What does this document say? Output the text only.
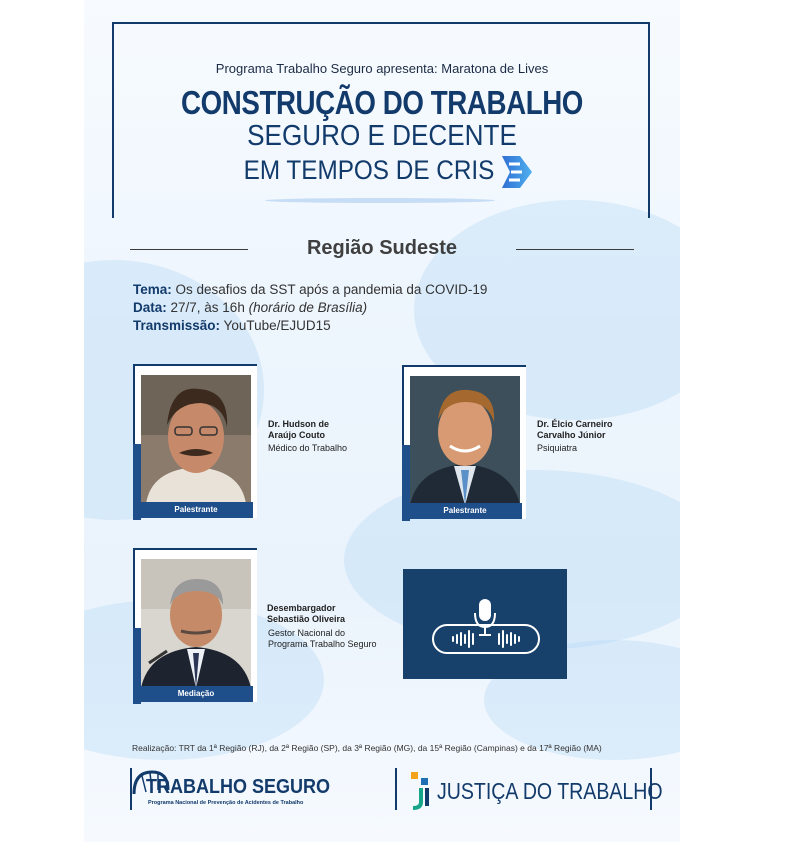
Programa Trabalho Seguro apresenta: Maratona de Lives
CONSTRUÇÃO DO TRABALHO
SEGURO E DECENTE
EM TEMPOS DE CRIS
Região Sudeste
Tema: Os desafios da SST após a pandemia da COVID-19
Data: 27/7, às 16h (horário de Brasília)
Transmissão: YouTube/EJUD15
Palestrante
Dr. Hudson de
Araújo Couto
Médico do Trabalho
Palestrante
Dr. Élcio Carneiro
Carvalho Júnior
Psiquiatra
Mediação
Desembargador
Sebastião Oliveira
Gestor Nacional do
Programa Trabalho Seguro
Realização: TRT da 1ª Região (RJ), da 2ª Região (SP), da 3ª Região (MG), da 15ª Região (Campinas) e da 17ª Região (MA)
TRABALHO SEGURO
Programa Nacional de Prevenção de Acidentes de Trabalho	JUSTIÇA DO TRABALHO
